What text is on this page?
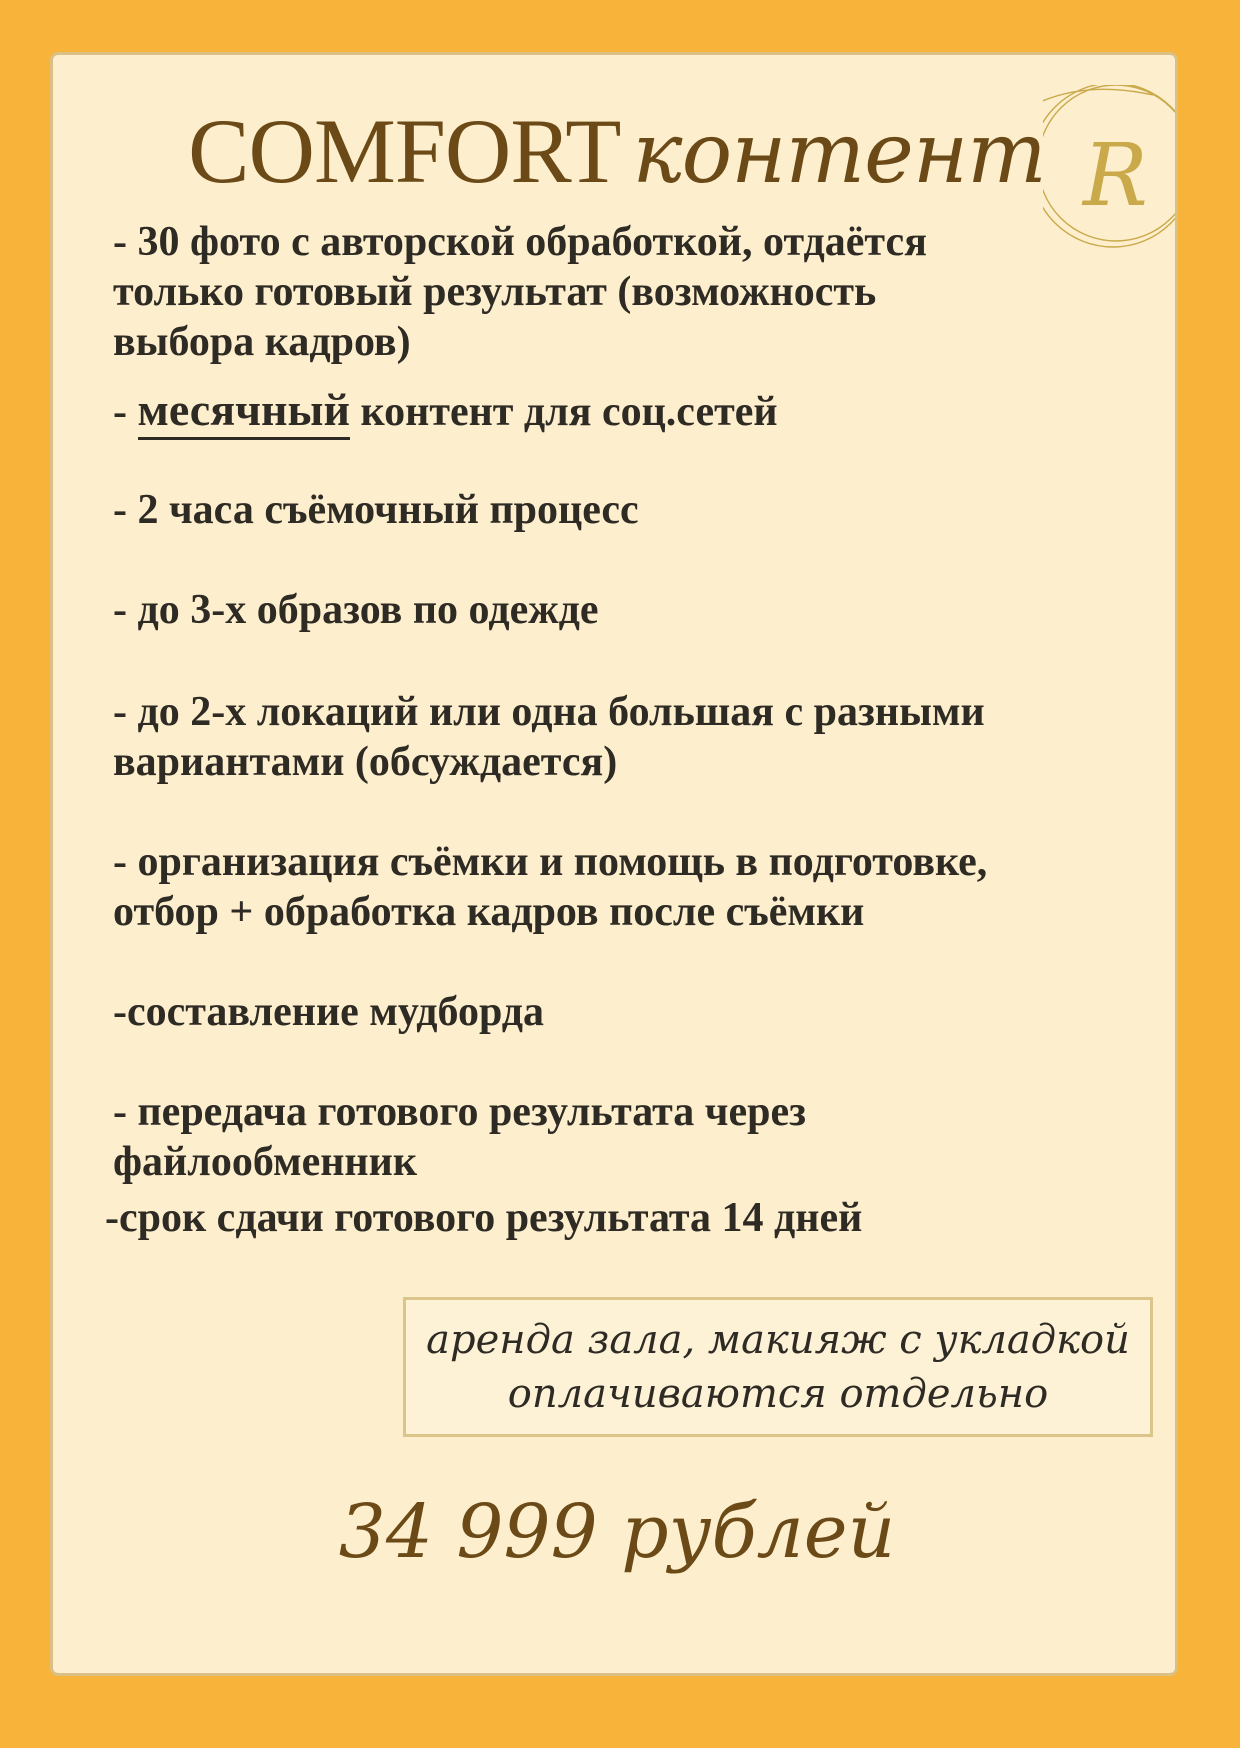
R
COMFORT контент
- 30 фото с авторской обработкой, отдаётся
только готовый результат (возможность
выбора кадров)
- месячный контент для соц.сетей
- 2 часа съёмочный процесс
- до 3-х образов по одежде
- до 2-х локаций или одна большая с разными
вариантами (обсуждается)
- организация съёмки и помощь в подготовке,
отбор + обработка кадров после съёмки
-составление мудборда
- передача готового результата через
файлообменник
-срок сдачи готового результата 14 дней
аренда зала, макияж с укладкой
оплачиваются отдельно
34 999 рублей
